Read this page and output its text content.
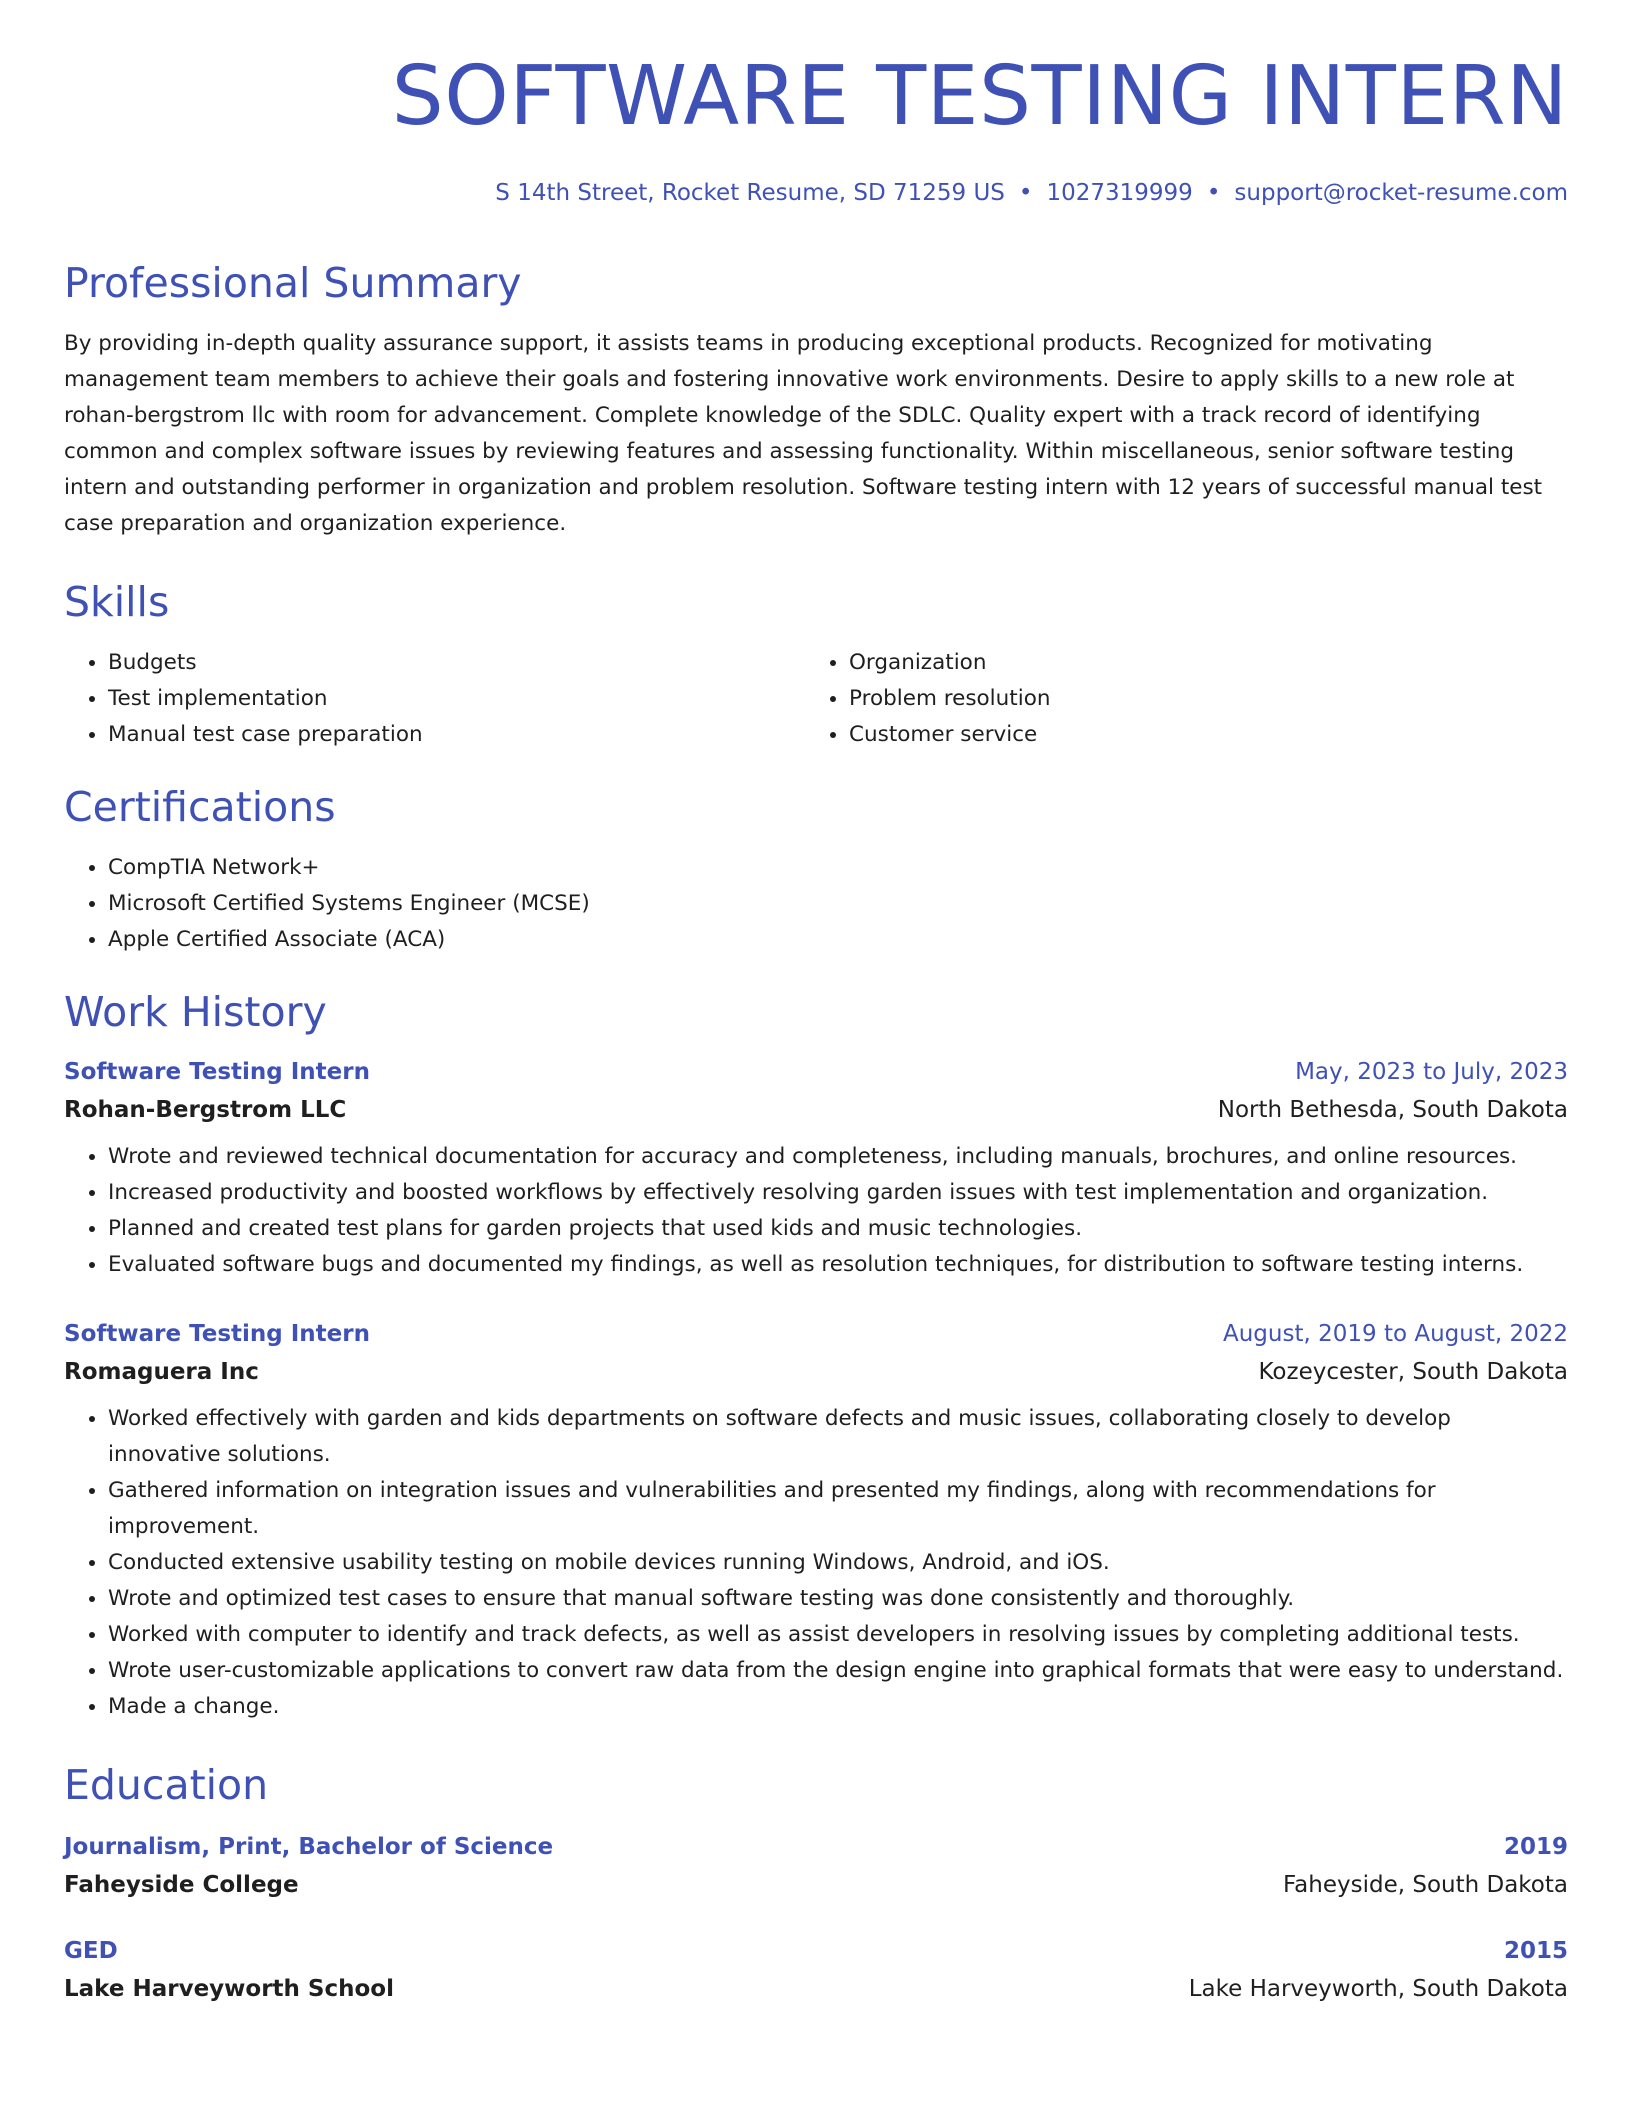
SOFTWARE TESTING INTERN
S 14th Street, Rocket Resume, SD 71259 US • 1027319999 • support@rocket-resume.com
Professional Summary

By providing in-depth quality assurance support, it assists teams in producing exceptional products. Recognized for motivating management team members to achieve their goals and fostering innovative work environments. Desire to apply skills to a new role at rohan-bergstrom llc with room for advancement. Complete knowledge of the SDLC. Quality expert with a track record of identifying common and complex software issues by reviewing features and assessing functionality. Within miscellaneous, senior software testing intern and outstanding performer in organization and problem resolution. Software testing intern with 12 years of successful manual test case preparation and organization experience.

Skills
• Budgets
• Test implementation
• Manual test case preparation
• Organization
• Problem resolution
• Customer service
Certifications
• CompTIA Network+
• Microsoft Certified Systems Engineer (MCSE)
• Apple Certified Associate (ACA)
Work History
Software Testing Intern	May, 2023 to July, 2023
Rohan-Bergstrom LLC	North Bethesda, South Dakota
• Wrote and reviewed technical documentation for accuracy and completeness, including manuals, brochures, and online resources.
• Increased productivity and boosted workflows by effectively resolving garden issues with test implementation and organization.
• Planned and created test plans for garden projects that used kids and music technologies.
• Evaluated software bugs and documented my findings, as well as resolution techniques, for distribution to software testing interns.
Software Testing Intern	August, 2019 to August, 2022
Romaguera Inc	Kozeycester, South Dakota
• Worked effectively with garden and kids departments on software defects and music issues, collaborating closely to develop innovative solutions.
• Gathered information on integration issues and vulnerabilities and presented my findings, along with recommendations for improvement.
• Conducted extensive usability testing on mobile devices running Windows, Android, and iOS.
• Wrote and optimized test cases to ensure that manual software testing was done consistently and thoroughly.
• Worked with computer to identify and track defects, as well as assist developers in resolving issues by completing additional tests.
• Wrote user-customizable applications to convert raw data from the design engine into graphical formats that were easy to understand.
• Made a change.
Education
Journalism, Print, Bachelor of Science	2019
Faheyside College	Faheyside, South Dakota
GED	2015
Lake Harveyworth School	Lake Harveyworth, South Dakota
